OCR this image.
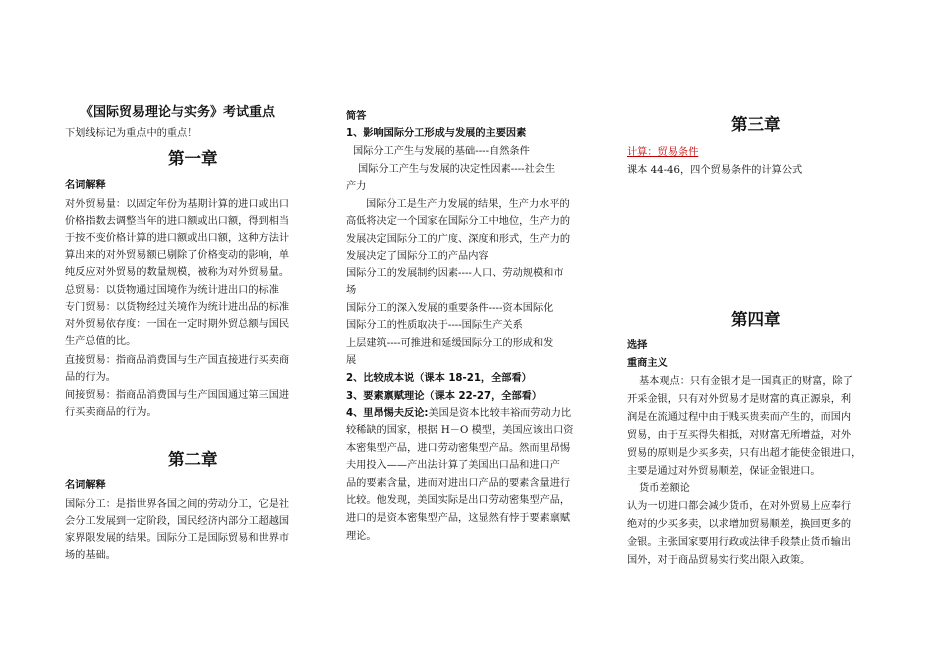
《国际贸易理论与实务》考试重点
下划线标记为重点中的重点！
第一章
名词解释
对外贸易量：以固定年份为基期计算的进口或出口
价格指数去调整当年的进口额或出口额，得到相当
于按不变价格计算的进口额或出口额，这种方法计
算出来的对外贸易额已剔除了价格变动的影响，单
纯反应对外贸易的数量规模，被称为对外贸易量。
总贸易：以货物通过国境作为统计进出口的标准
专门贸易：以货物经过关境作为统计进出品的标准
对外贸易依存度：一国在一定时期外贸总额与国民
生产总值的比。
直接贸易：指商品消费国与生产国直接进行买卖商
品的行为。
间接贸易：指商品消费国与生产国国通过第三国进
行买卖商品的行为。
第二章
名词解释
国际分工：是指世界各国之间的劳动分工，它是社
会分工发展到一定阶段，国民经济内部分工超越国
家界限发展的结果。国际分工是国际贸易和世界市
场的基础。
简答
1、影响国际分工形成与发展的主要因素
国际分工产生与发展的基础----自然条件
国际分工产生与发展的决定性因素----社会生
产力
国际分工是生产力发展的结果，生产力水平的
高低将决定一个国家在国际分工中地位，生产力的
发展决定国际分工的广度、深度和形式，生产力的
发展决定了国际分工的产品内容
国际分工的发展制约因素----人口、劳动规模和市
场
国际分工的深入发展的重要条件----资本国际化
国际分工的性质取决于----国际生产关系
上层建筑----可推进和延缓国际分工的形成和发
展
2、比较成本说（课本 18-21，全部看）
3、要素禀赋理论（课本 22-27，全部看）
4、里昂惕夫反论:美国是资本比较丰裕而劳动力比
较稀缺的国家，根据 H－O 模型，美国应该出口资
本密集型产品，进口劳动密集型产品。然而里昂惕
夫用投入——产出法计算了美国出口品和进口产
品的要素含量，进而对进出口产品的要素含量进行
比较。他发现，美国实际是出口劳动密集型产品，
进口的是资本密集型产品，这显然有悖于要素禀赋
理论。
第三章
计算：贸易条件
课本 44-46，四个贸易条件的计算公式
第四章
选择
重商主义
基本观点：只有金银才是一国真正的财富，除了
开采金银，只有对外贸易才是财富的真正源泉，利
润是在流通过程中由于贱买贵卖而产生的，而国内
贸易，由于互买得失相抵，对财富无所增益，对外
贸易的原则是少买多卖，只有出超才能使金银进口，
主要是通过对外贸易顺差，保证金银进口。
货币差额论
认为一切进口都会减少货币，在对外贸易上应奉行
绝对的少买多卖，以求增加贸易顺差，换回更多的
金银。主张国家要用行政或法律手段禁止货币输出
国外，对于商品贸易实行奖出限入政策。
